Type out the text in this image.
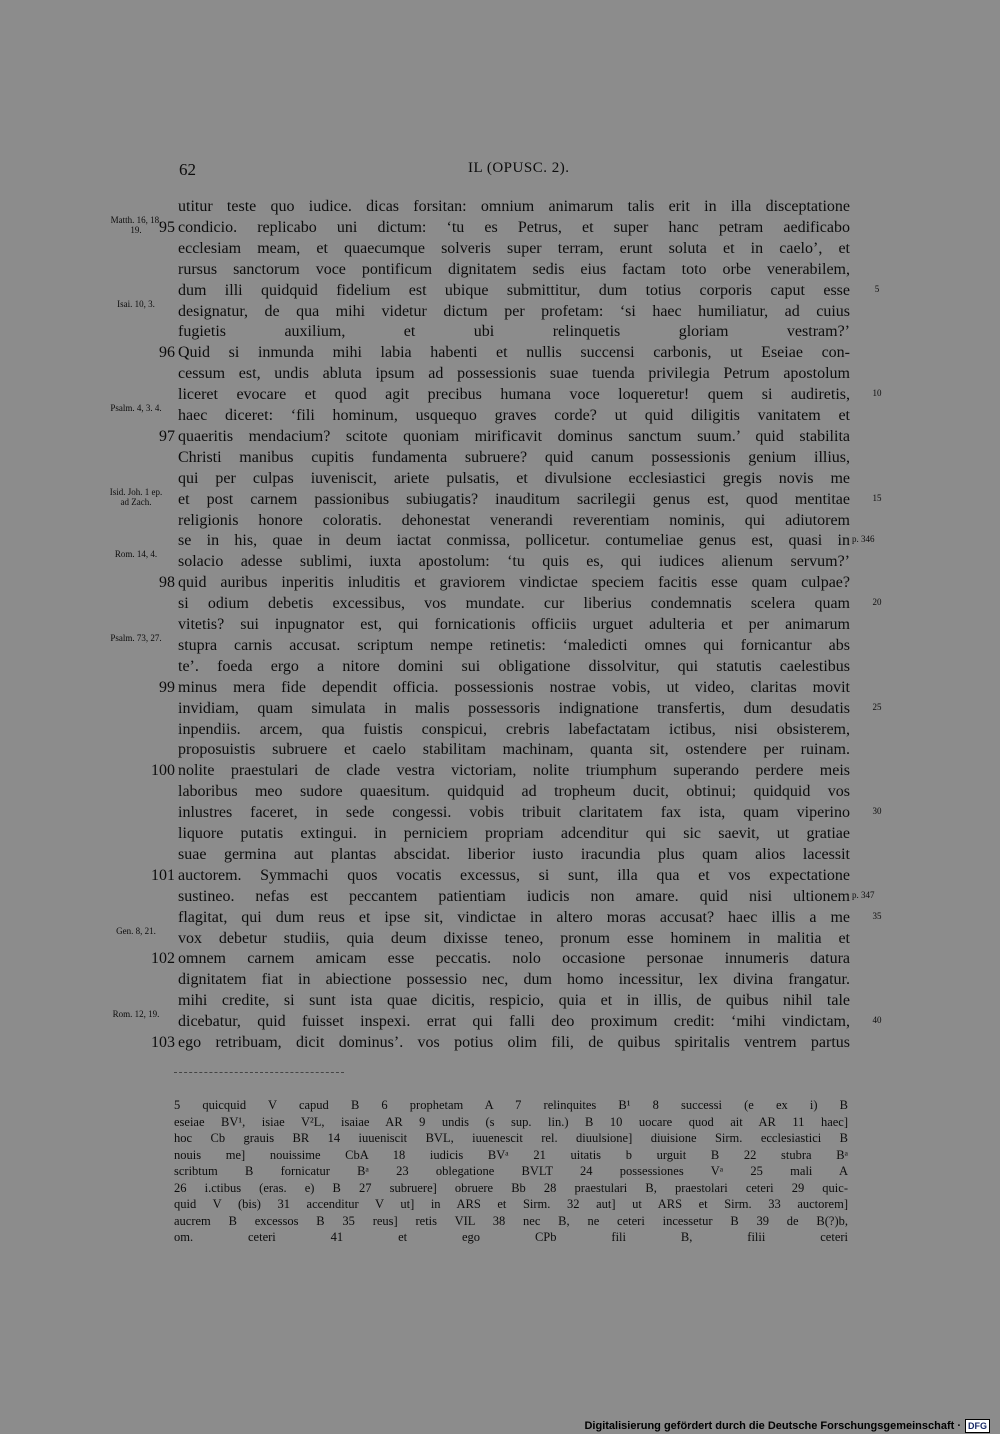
62	IL (OPUSC. 2).
utitur teste quo iudice. dicas forsitan: omnium animarum talis erit in illa disceptatione
condicio. replicabo uni dictum: ‘tu es Petrus, et super hanc petram aedificabo
ecclesiam meam, et quaecumque solveris super terram, erunt soluta et in caelo’, et
rursus sanctorum voce pontificum dignitatem sedis eius factam toto orbe venerabilem,
dum illi quidquid fidelium est ubique submittitur, dum totius corporis caput esse
designatur, de qua mihi videtur dictum per profetam: ‘si haec humiliatur, ad cuius
fugietis auxilium, et ubi relinquetis gloriam vestram?’
Quid si inmunda mihi labia habenti et nullis succensi carbonis, ut Eseiae con-
cessum est, undis abluta ipsum ad possessionis suae tuenda privilegia Petrum apostolum
liceret evocare et quod agit precibus humana voce loqueretur! quem si audiretis,
haec diceret: ‘fili hominum, usquequo graves corde? ut quid diligitis vanitatem et
quaeritis mendacium? scitote quoniam mirificavit dominus sanctum suum.’ quid stabilita
Christi manibus cupitis fundamenta subruere? quid canum possessionis genium illius,
qui per culpas iuveniscit, ariete pulsatis, et divulsione ecclesiastici gregis novis me
et post carnem passionibus subiugatis? inauditum sacrilegii genus est, quod mentitae
religionis honore coloratis. dehonestat venerandi reverentiam nominis, qui adiutorem
se in his, quae in deum iactat conmissa, pollicetur. contumeliae genus est, quasi in
solacio adesse sublimi, iuxta apostolum: ‘tu quis es, qui iudices alienum servum?’
quid auribus inperitis inluditis et graviorem vindictae speciem facitis esse quam culpae?
si odium debetis excessibus, vos mundate. cur liberius condemnatis scelera quam
vitetis? sui inpugnator est, qui fornicationis officiis urguet adulteria et per animarum
stupra carnis accusat. scriptum nempe retinetis: ‘maledicti omnes qui fornicantur abs
te’. foeda ergo a nitore domini sui obligatione dissolvitur, qui statutis caelestibus
minus mera fide dependit officia. possessionis nostrae vobis, ut video, claritas movit
invidiam, quam simulata in malis possessoris indignatione transfertis, dum desudatis
inpendiis. arcem, qua fuistis conspicui, crebris labefactatam ictibus, nisi obsisterem,
proposuistis subruere et caelo stabilitam machinam, quanta sit, ostendere per ruinam.
nolite praestulari de clade vestra victoriam, nolite triumphum superando perdere meis
laboribus meo sudore quaesitum. quidquid ad tropheum ducit, obtinui; quidquid vos
inlustres faceret, in sede congessi. vobis tribuit claritatem fax ista, quam viperino
liquore putatis extingui. in perniciem propriam adcenditur qui sic saevit, ut gratiae
suae germina aut plantas abscidat. liberior iusto iracundia plus quam alios lacessit
auctorem. Symmachi quos vocatis excessus, si sunt, illa qua et vos expectatione
sustineo. nefas est peccantem patientiam iudicis non amare. quid nisi ultionem
flagitat, qui dum reus et ipse sit, vindictae in altero moras accusat? haec illis a me
vox debetur studiis, quia deum dixisse teneo, pronum esse hominem in malitia et
omnem carnem amicam esse peccatis. nolo occasione personae innumeris datura
dignitatem fiat in abiectione possessio nec, dum homo incessitur, lex divina frangatur.
mihi credite, si sunt ista quae dicitis, respicio, quia et in illis, de quibus nihil tale
dicebatur, quid fuisset inspexi. errat qui falli deo proximum credit: ‘mihi vindictam,
ego retribuam, dicit dominus’. vos potius olim fili, de quibus spiritalis ventrem partus
95
96
97
98
99
100
101
102
103
Matth. 16, 18. 19.
Isai. 10, 3.
Psalm. 4, 3. 4.
Isid. Joh. 1 ep. ad Zach.
Rom. 14, 4.
Psalm. 73, 27.
Gen. 8, 21.
Rom. 12, 19.
5
10
15
20
25
30
35
40
p. 346
p. 347
5 quicquid V capud B 6 prophetam A 7 relinquites B¹ 8 successi (e ex i) B
eseiae BV¹, isiae V²L, isaiae AR 9 undis (s sup. lin.) B 10 uocare quod ait AR 11 haec]
hoc Cb grauis BR 14 iuueniscit BVL, iuuenescit rel. diuulsione] diuisione Sirm. ecclesiastici B
nouis me] nouissime CbA 18 iudicis BVᵃ 21 uitatis b urguit B 22 stubra Bᵃ
scribtum B fornicatur Bᵃ 23 oblegatione BVLT 24 possessiones Vᵃ 25 mali A
26 i.ctibus (eras. e) B 27 subruere] obruere Bb 28 praestulari B, praestolari ceteri 29 quic-
quid V (bis) 31 accenditur V ut] in ARS et Sirm. 32 aut] ut ARS et Sirm. 33 auctorem]
aucrem B excessos B 35 reus] retis VIL 38 nec B, ne ceteri incessetur B 39 de B(?)b,
om. ceteri 41 et ego CPb fili B, filii ceteri
Digitalisierung gefördert durch die Deutsche Forschungsgemeinschaft · DFG
